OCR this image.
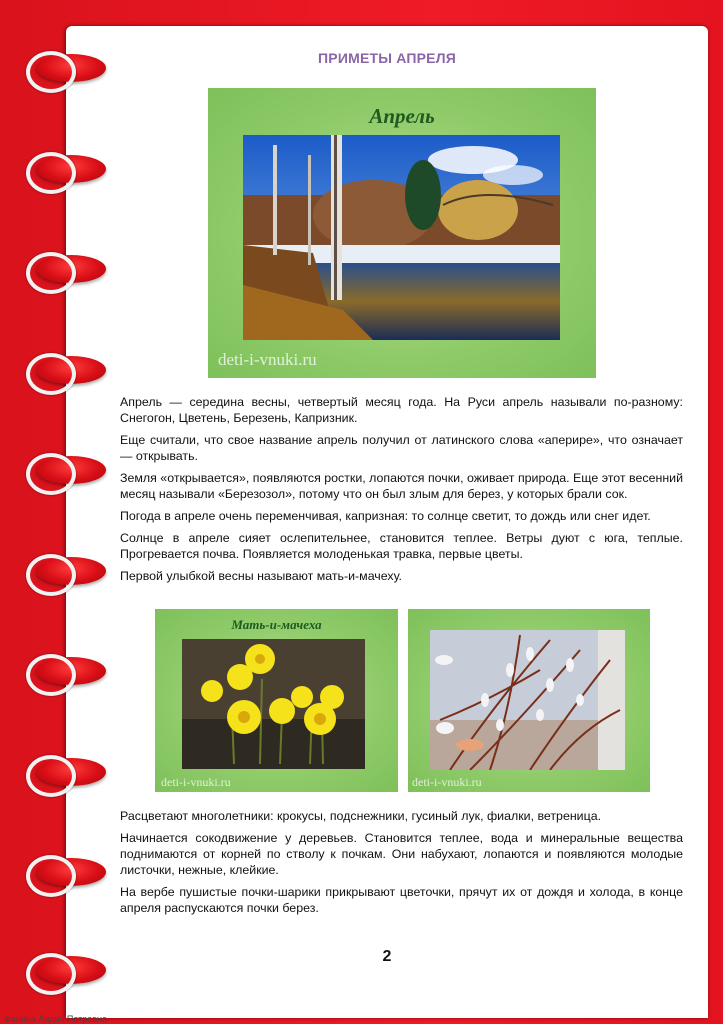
ПРИМЕТЫ АПРЕЛЯ
Апрель
deti-i-vnuki.ru

Апрель — середина весны, четвертый месяц года. На Руси апрель называли по-разному: Снегогон, Цветень, Березень, Капризник.

Еще считали, что свое название апрель получил от латинского слова «аперире», что означает — открывать.

Земля «открывается», появляются ростки, лопаются почки, оживает природа. Еще этот весенний месяц называли «Березозол», потому что он был злым для берез, у которых брали сок.

Погода в апреле очень переменчивая, капризная: то солнце светит, то дождь или снег идет.

Солнце в апреле сияет ослепительнее, становится теплее. Ветры дуют с юга, теплые. Прогревается почва. Появляется молоденькая травка, первые цветы.

Первой улыбкой весны называют мать-и-мачеху.

Мать-и-мачеха
deti-i-vnuki.ru	deti-i-vnuki.ru

Расцветают многолетники: крокусы, подснежники, гусиный лук, фиалки, ветреница.

Начинается сокодвижение у деревьев. Становится теплее, вода и минеральные вещества поднимаются от корней по стволу к почкам. Они набухают, лопаются и появляются молодые листочки, нежные, клейкие.

На вербе пушистые почки-шарики прикрывают цветочки, прячут их от дождя и холода, в конце апреля распускаются почки берез.

2
Фанина Лидия Петровна
